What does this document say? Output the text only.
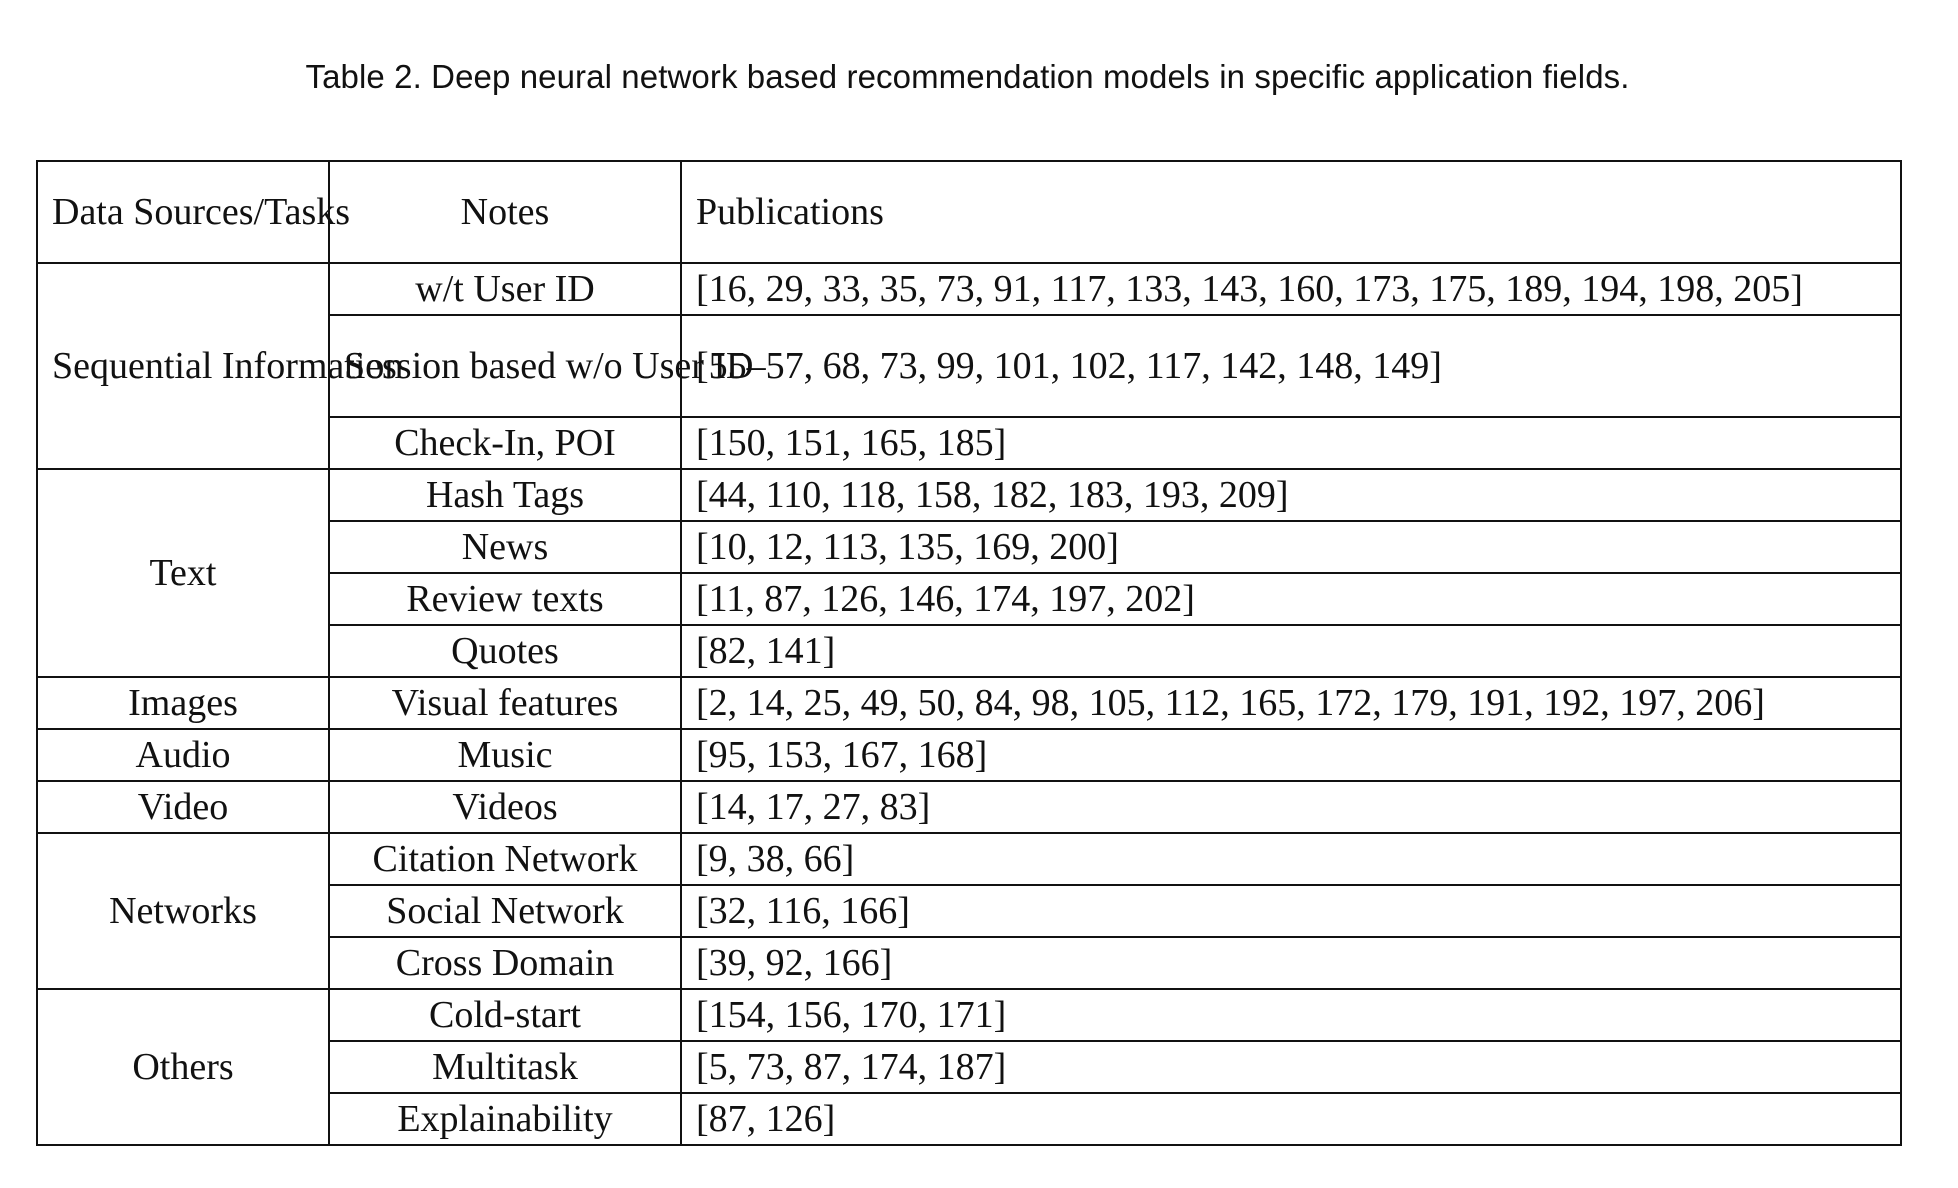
Table 2. Deep neural network based recommendation models in specific application fields.
Data Sources/Tasks	Notes	Publications
Sequential Information	w/t User ID	[16, 29, 33, 35, 73, 91, 117, 133, 143, 160, 173, 175, 189, 194, 198, 205]
	Session based w/o User ID	[55–57, 68, 73, 99, 101, 102, 117, 142, 148, 149]
	Check-In, POI	[150, 151, 165, 185]
Text	Hash Tags	[44, 110, 118, 158, 182, 183, 193, 209]
	News	[10, 12, 113, 135, 169, 200]
	Review texts	[11, 87, 126, 146, 174, 197, 202]
	Quotes	[82, 141]
Images	Visual features	[2, 14, 25, 49, 50, 84, 98, 105, 112, 165, 172, 179, 191, 192, 197, 206]
Audio	Music	[95, 153, 167, 168]
Video	Videos	[14, 17, 27, 83]
Networks	Citation Network	[9, 38, 66]
	Social Network	[32, 116, 166]
	Cross Domain	[39, 92, 166]
Others	Cold-start	[154, 156, 170, 171]
	Multitask	[5, 73, 87, 174, 187]
	Explainability	[87, 126]
